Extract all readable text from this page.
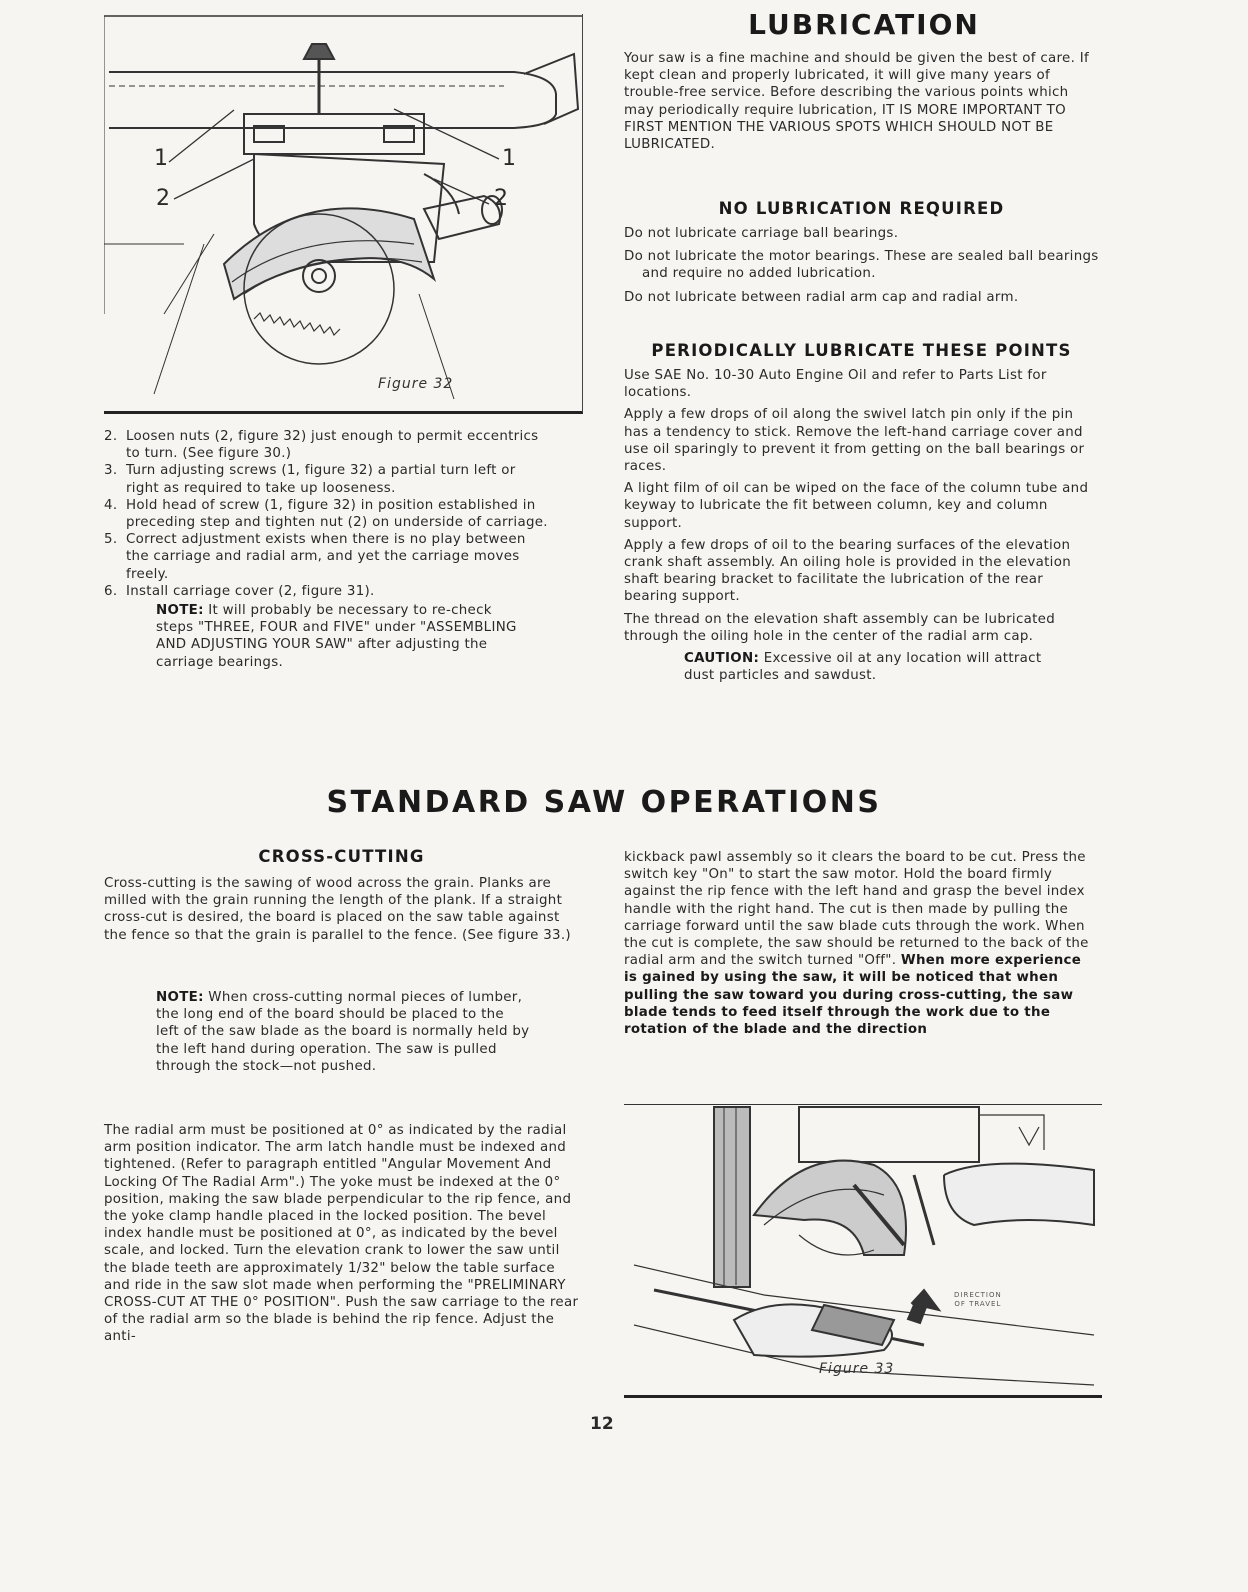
1	1
2	2
Figure 32
2. Loosen nuts (2, figure 32) just enough to permit eccentrics to turn. (See figure 30.)
3. Turn adjusting screws (1, figure 32) a partial turn left or right as required to take up looseness.
4. Hold head of screw (1, figure 32) in position established in preceding step and tighten nut (2) on underside of carriage.
5. Correct adjustment exists when there is no play between the carriage and radial arm, and yet the carriage moves freely.
6. Install carriage cover (2, figure 31).
NOTE: It will probably be necessary to re-check steps "THREE, FOUR and FIVE" under "ASSEMBLING AND ADJUSTING YOUR SAW" after adjusting the carriage bearings.
LUBRICATION
Your saw is a fine machine and should be given the best of care. If kept clean and properly lubricated, it will give many years of trouble-free service. Before describing the various points which may periodically require lubrication, IT IS MORE IMPORTANT TO FIRST MENTION THE VARIOUS SPOTS WHICH SHOULD NOT BE LUBRICATED.
NO LUBRICATION REQUIRED

Do not lubricate carriage ball bearings.

Do not lubricate the motor bearings. These are sealed ball bearings and require no added lubrication.

Do not lubricate between radial arm cap and radial arm.

PERIODICALLY LUBRICATE THESE POINTS

Use SAE No. 10-30 Auto Engine Oil and refer to Parts List for locations.

Apply a few drops of oil along the swivel latch pin only if the pin has a tendency to stick. Remove the left-hand carriage cover and use oil sparingly to prevent it from getting on the ball bearings or races.

A light film of oil can be wiped on the face of the column tube and keyway to lubricate the fit between column, key and column support.

Apply a few drops of oil to the bearing surfaces of the elevation crank shaft assembly. An oiling hole is provided in the elevation shaft bearing bracket to facilitate the lubrication of the rear bearing support.

The thread on the elevation shaft assembly can be lubricated through the oiling hole in the center of the radial arm cap.

CAUTION: Excessive oil at any location will attract dust particles and sawdust.
STANDARD SAW OPERATIONS
CROSS-CUTTING
Cross-cutting is the sawing of wood across the grain. Planks are milled with the grain running the length of the plank. If a straight cross-cut is desired, the board is placed on the saw table against the fence so that the grain is parallel to the fence. (See figure 33.)
NOTE: When cross-cutting normal pieces of lumber, the long end of the board should be placed to the left of the saw blade as the board is normally held by the left hand during operation. The saw is pulled through the stock—not pushed.
The radial arm must be positioned at 0° as indicated by the radial arm position indicator. The arm latch handle must be indexed and tightened. (Refer to paragraph entitled "Angular Movement And Locking Of The Radial Arm".) The yoke must be indexed at the 0° position, making the saw blade perpendicular to the rip fence, and the yoke clamp handle placed in the locked position. The bevel index handle must be positioned at 0°, as indicated by the bevel scale, and locked. Turn the elevation crank to lower the saw until the blade teeth are approximately 1/32" below the table surface and ride in the saw slot made when performing the "PRELIMINARY CROSS-CUT AT THE 0° POSITION". Push the saw carriage to the rear of the radial arm so the blade is behind the rip fence. Adjust the anti-
kickback pawl assembly so it clears the board to be cut. Press the switch key "On" to start the saw motor. Hold the board firmly against the rip fence with the left hand and grasp the bevel index handle with the right hand. The cut is then made by pulling the carriage forward until the saw blade cuts through the work. When the cut is complete, the saw should be returned to the back of the radial arm and the switch turned "Off". When more experience is gained by using the saw, it will be noticed that when pulling the saw toward you during cross-cutting, the saw blade tends to feed itself through the work due to the rotation of the blade and the direction
DIRECTION
OF TRAVEL
Figure 33
12
